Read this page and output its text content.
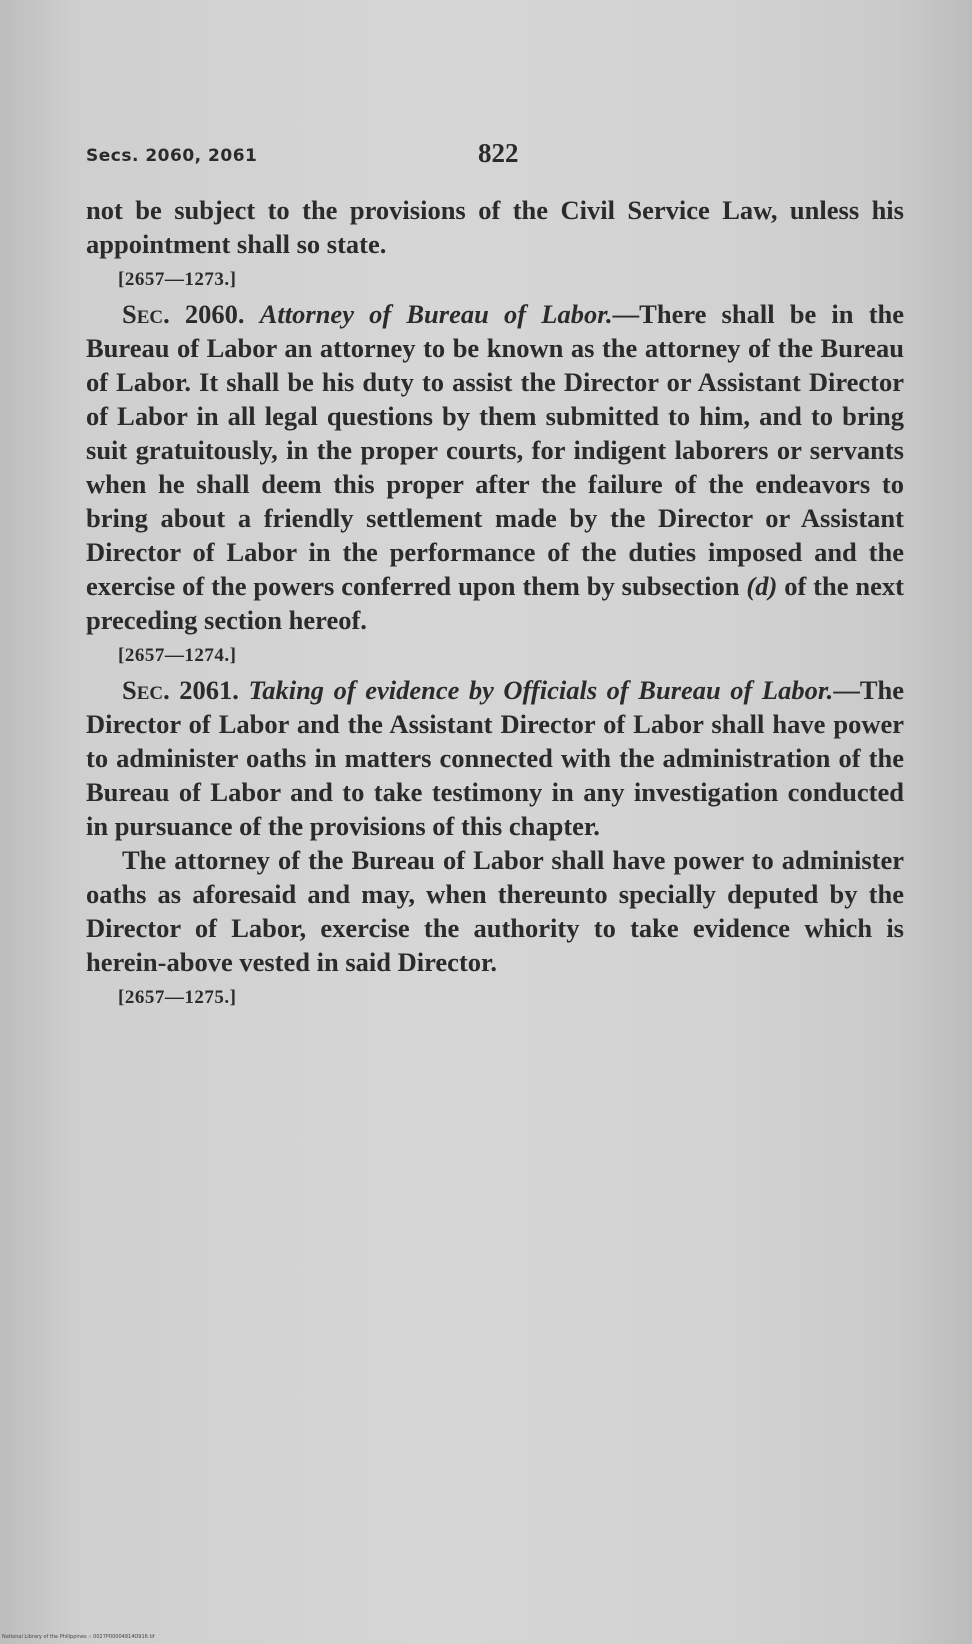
Secs. 2060, 2061	822

not be subject to the provisions of the Civil Service Law, unless his appointment shall so state.

[2657—1273.]

Sec. 2060. Attorney of Bureau of Labor.—There shall be in the Bureau of Labor an attorney to be known as the attorney of the Bureau of Labor. It shall be his duty to assist the Director or Assistant Director of Labor in all legal questions by them submitted to him, and to bring suit gratuitously, in the proper courts, for indigent laborers or servants when he shall deem this proper after the failure of the endeavors to bring about a friendly settlement made by the Director or Assistant Director of Labor in the performance of the duties imposed and the exercise of the powers conferred upon them by subsection (d) of the next preceding section hereof.

[2657—1274.]

Sec. 2061. Taking of evidence by Officials of Bureau of Labor.—The Director of Labor and the Assistant Director of Labor shall have power to administer oaths in matters connected with the administration of the Bureau of Labor and to take testimony in any investigation conducted in pursuance of the provisions of this chapter.

The attorney of the Bureau of Labor shall have power to administer oaths as aforesaid and may, when thereunto specially deputed by the Director of Labor, exercise the authority to take evidence which is herein-above vested in said Director.

[2657—1275.]
National Library of the Philippines :: 0027P00004814O916.tif
